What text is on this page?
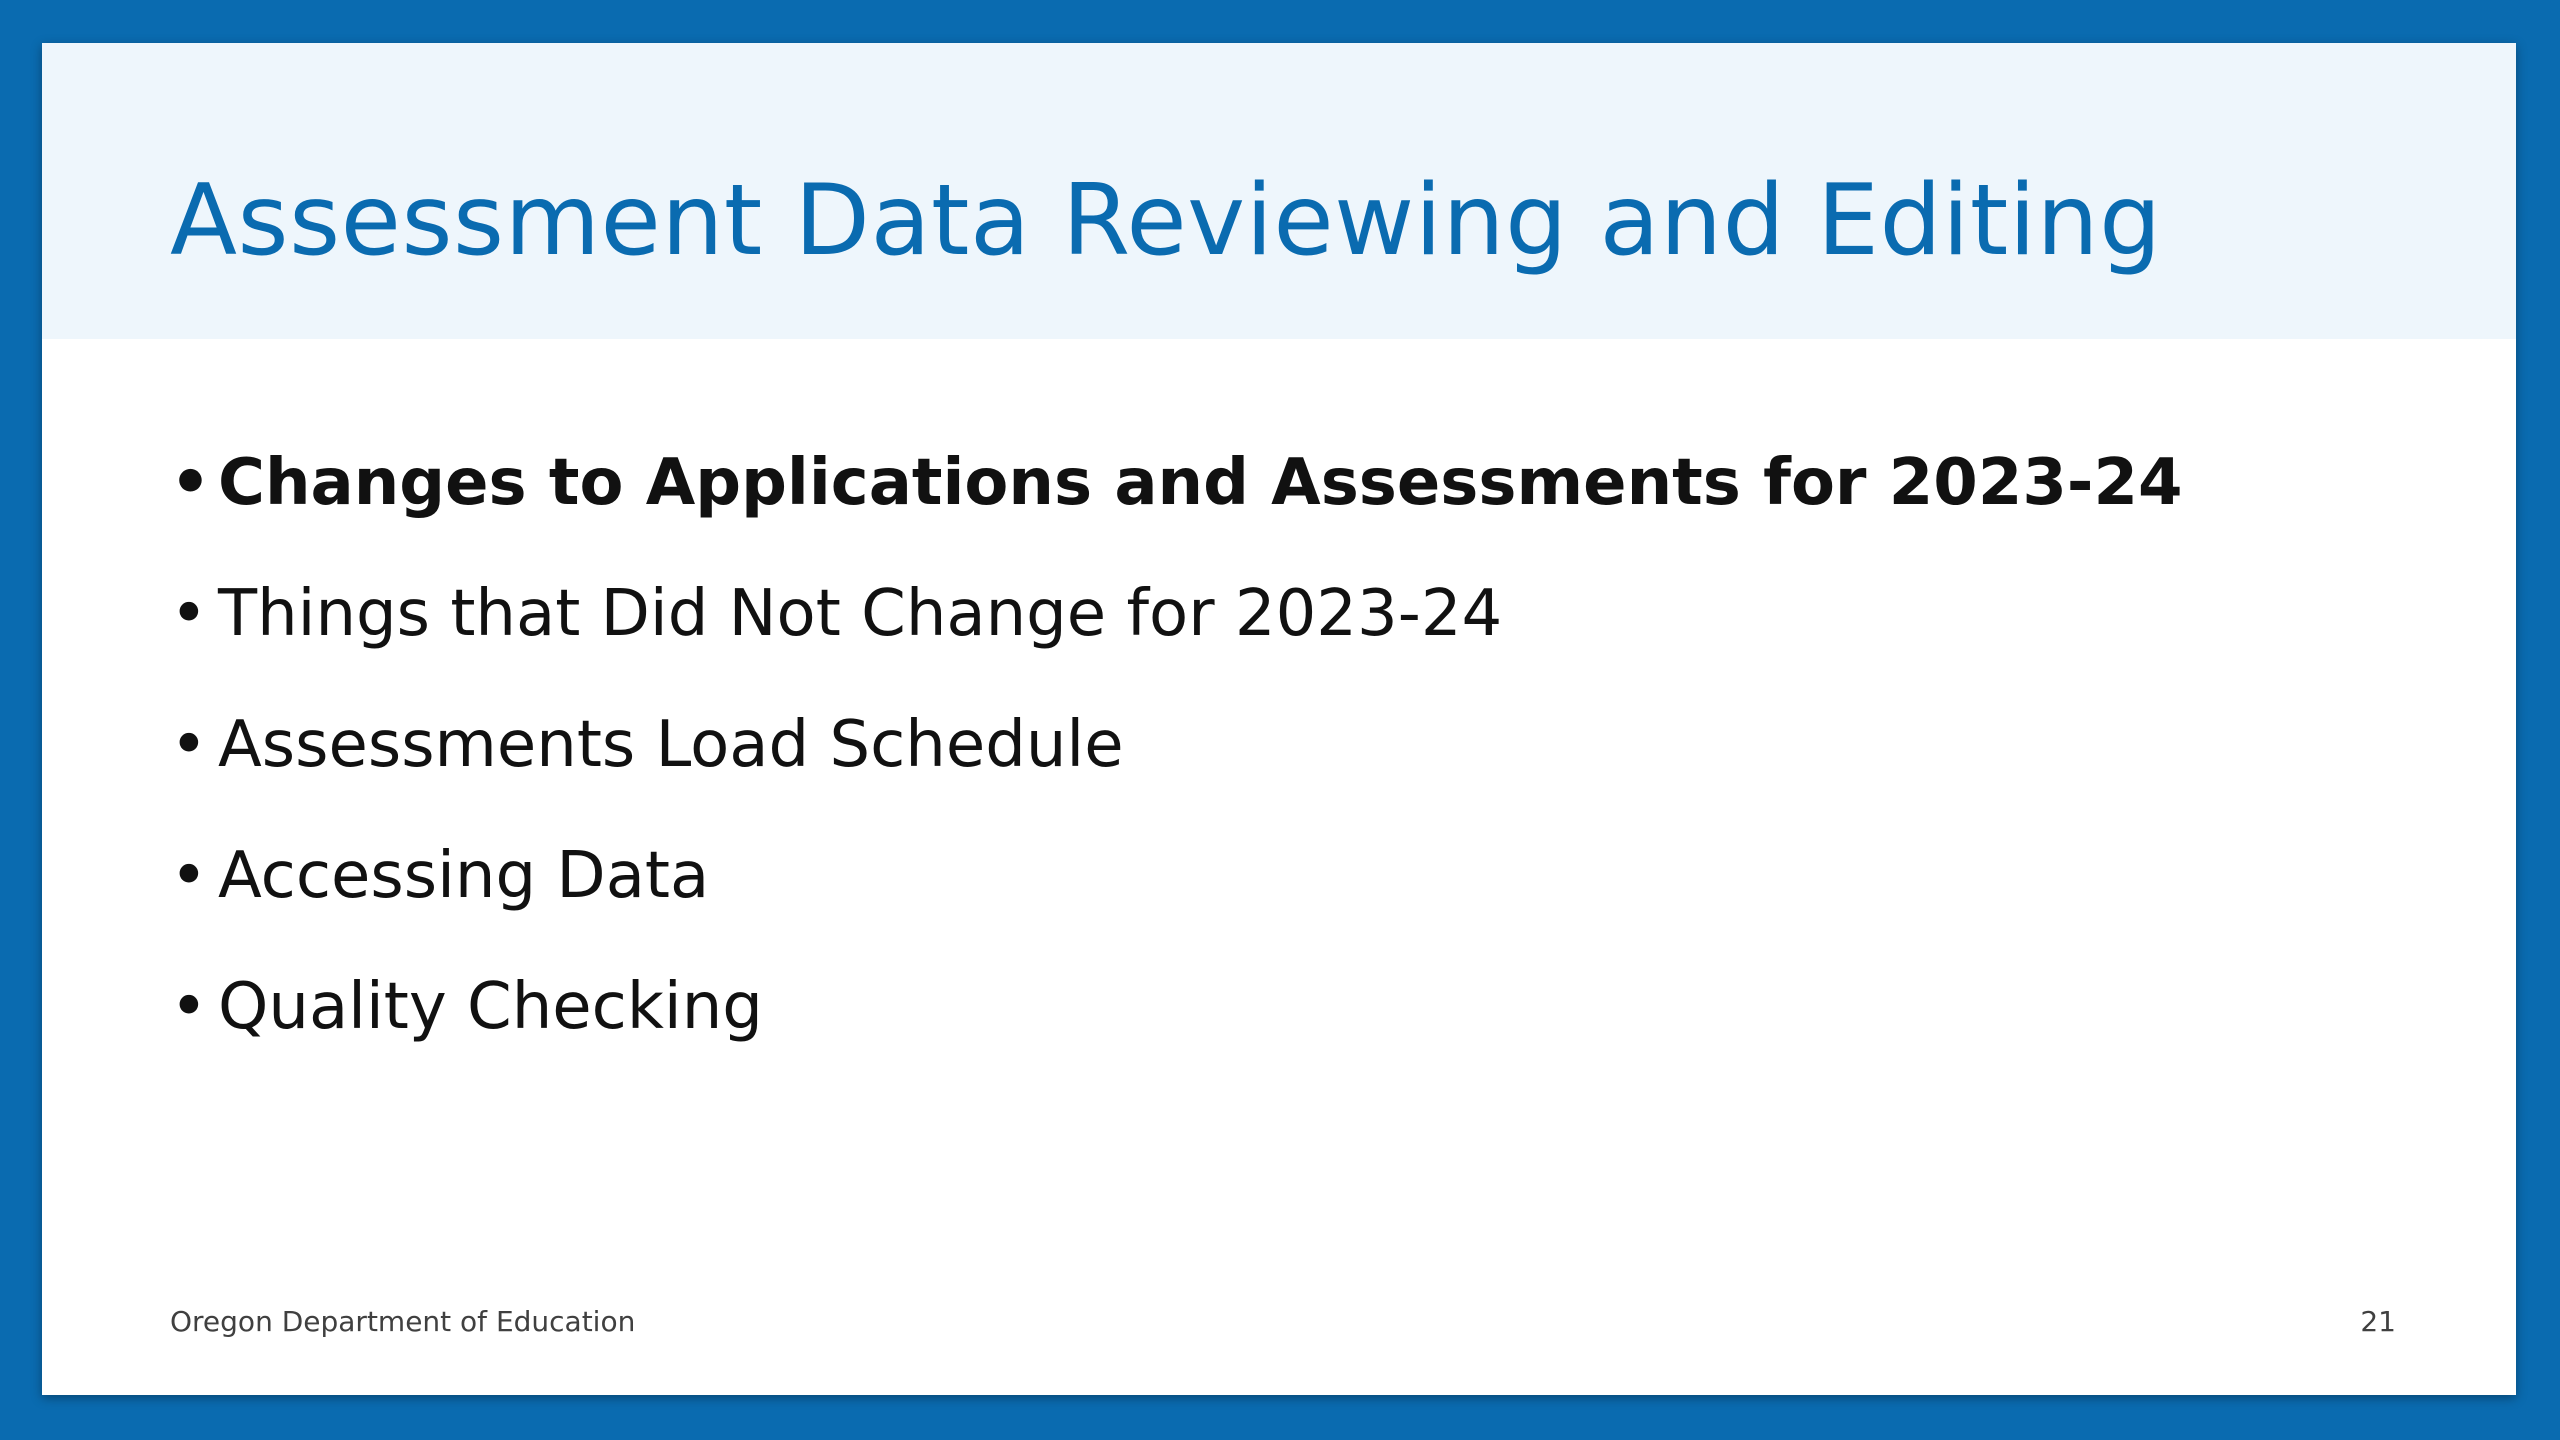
Assessment Data Reviewing and Editing
• Changes to Applications and Assessments for 2023-24
• Things that Did Not Change for 2023-24
• Assessments Load Schedule
• Accessing Data
• Quality Checking
Oregon Department of Education	21
